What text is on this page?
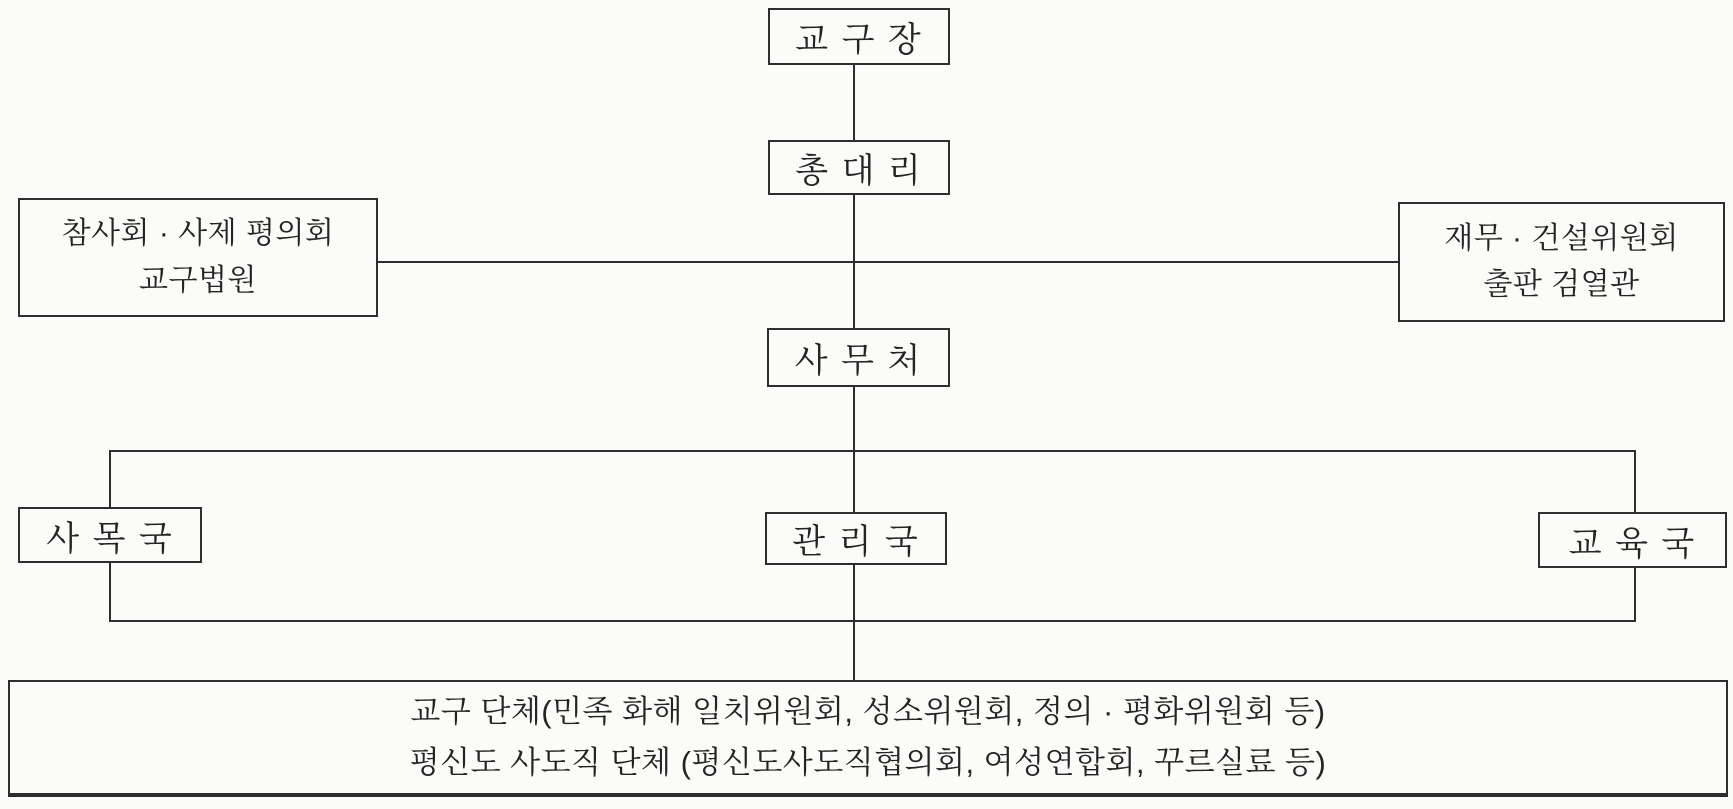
교 구 장
총 대 리
참사회 · 사제 평의회
교구법원
재무 · 건설위원회
출판 검열관
사 무 처
사 목 국	관 리 국	교 육 국
교구 단체(민족 화해 일치위원회, 성소위원회, 정의 · 평화위원회 등)
평신도 사도직 단체 (평신도사도직협의회, 여성연합회, 꾸르실료 등)
